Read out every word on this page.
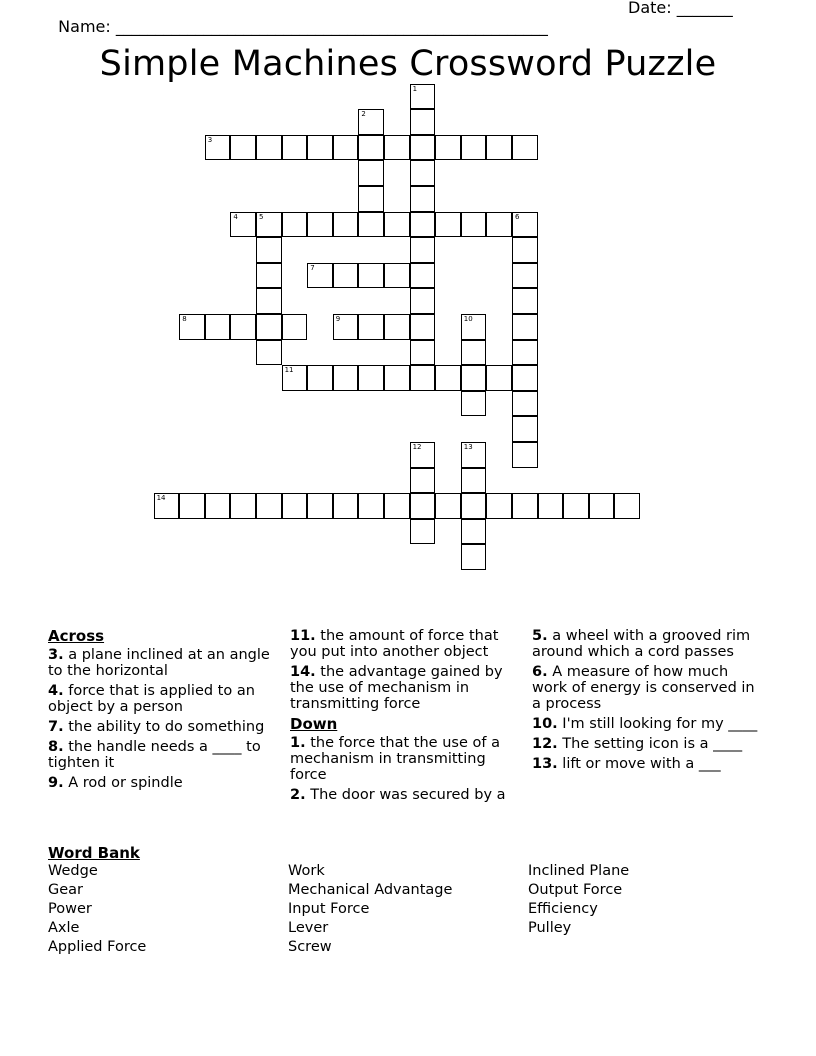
Name: ______________________________________________________

Date: _______

Simple Machines Crossword Puzzle
3
4	5	6
7
8	9
11
14
1
2
10
12	13
Across
3. a plane inclined at an angle to the horizontal
4. force that is applied to an object by a person
7. the ability to do something
8. the handle needs a ____ to tighten it
9. A rod or spindle
11. the amount of force that you put into another object
14. the advantage gained by the use of mechanism in transmitting force
Down
1. the force that the use of a mechanism in transmitting force
2. The door was secured by a
5. a wheel with a grooved rim around which a cord passes
6. A measure of how much work of energy is conserved in a process
10. I'm still looking for my ____
12. The setting icon is a ____
13. lift or move with a ___
Word Bank
Wedge
Gear
Power
Axle
Applied Force
Work
Mechanical Advantage
Input Force
Lever
Screw
Inclined Plane
Output Force
Efficiency
Pulley
